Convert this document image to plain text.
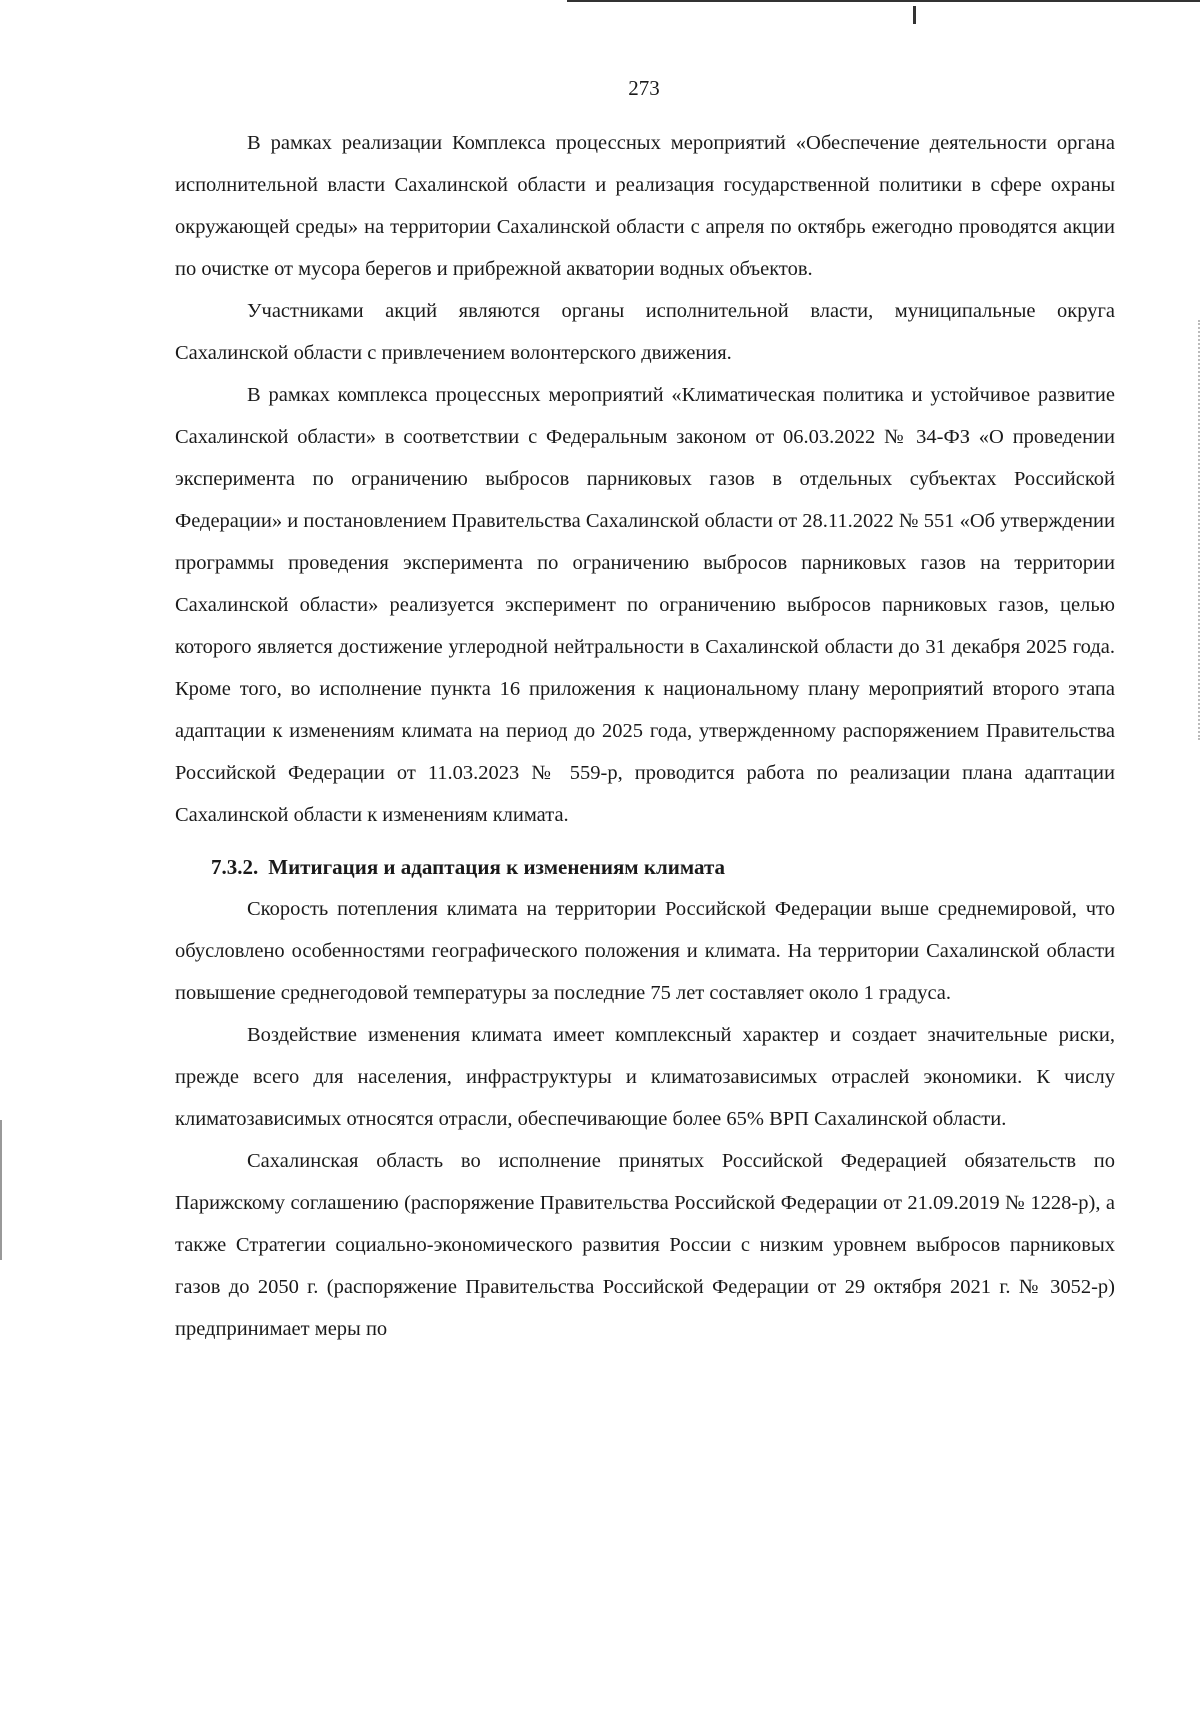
273

В рамках реализации Комплекса процессных мероприятий «Обеспечение деятельности органа исполнительной власти Сахалинской области и реализация государственной политики в сфере охраны окружающей среды» на территории Сахалинской области с апреля по октябрь ежегодно проводятся акции по очистке от мусора берегов и прибрежной акватории водных объектов.

Участниками акций являются органы исполнительной власти, муниципальные округа Сахалинской области с привлечением волонтерского движения.

В рамках комплекса процессных мероприятий «Климатическая политика и устойчивое развитие Сахалинской области» в соответствии с Федеральным законом от 06.03.2022 № 34-ФЗ «О проведении эксперимента по ограничению выбросов парниковых газов в отдельных субъектах Российской Федерации» и постановлением Правительства Сахалинской области от 28.11.2022 № 551 «Об утверждении программы проведения эксперимента по ограничению выбросов парниковых газов на территории Сахалинской области» реализуется эксперимент по ограничению выбросов парниковых газов, целью которого является достижение углеродной нейтральности в Сахалинской области до 31 декабря 2025 года. Кроме того, во исполнение пункта 16 приложения к национальному плану мероприятий второго этапа адаптации к изменениям климата на период до 2025 года, утвержденному распоряжением Правительства Российской Федерации от 11.03.2023 № 559-р, проводится работа по реализации плана адаптации Сахалинской области к изменениям климата.

7.3.2. Митигация и адаптация к изменениям климата

Скорость потепления климата на территории Российской Федерации выше среднемировой, что обусловлено особенностями географического положения и климата. На территории Сахалинской области повышение среднегодовой температуры за последние 75 лет составляет около 1 градуса.

Воздействие изменения климата имеет комплексный характер и создает значительные риски, прежде всего для населения, инфраструктуры и климатозависимых отраслей экономики. К числу климатозависимых относятся отрасли, обеспечивающие более 65% ВРП Сахалинской области.

Сахалинская область во исполнение принятых Российской Федерацией обязательств по Парижскому соглашению (распоряжение Правительства Российской Федерации от 21.09.2019 № 1228-р), а также Стратегии социально-экономического развития России с низким уровнем выбросов парниковых газов до 2050 г. (распоряжение Правительства Российской Федерации от 29 октября 2021 г. № 3052-р) предпринимает меры по
